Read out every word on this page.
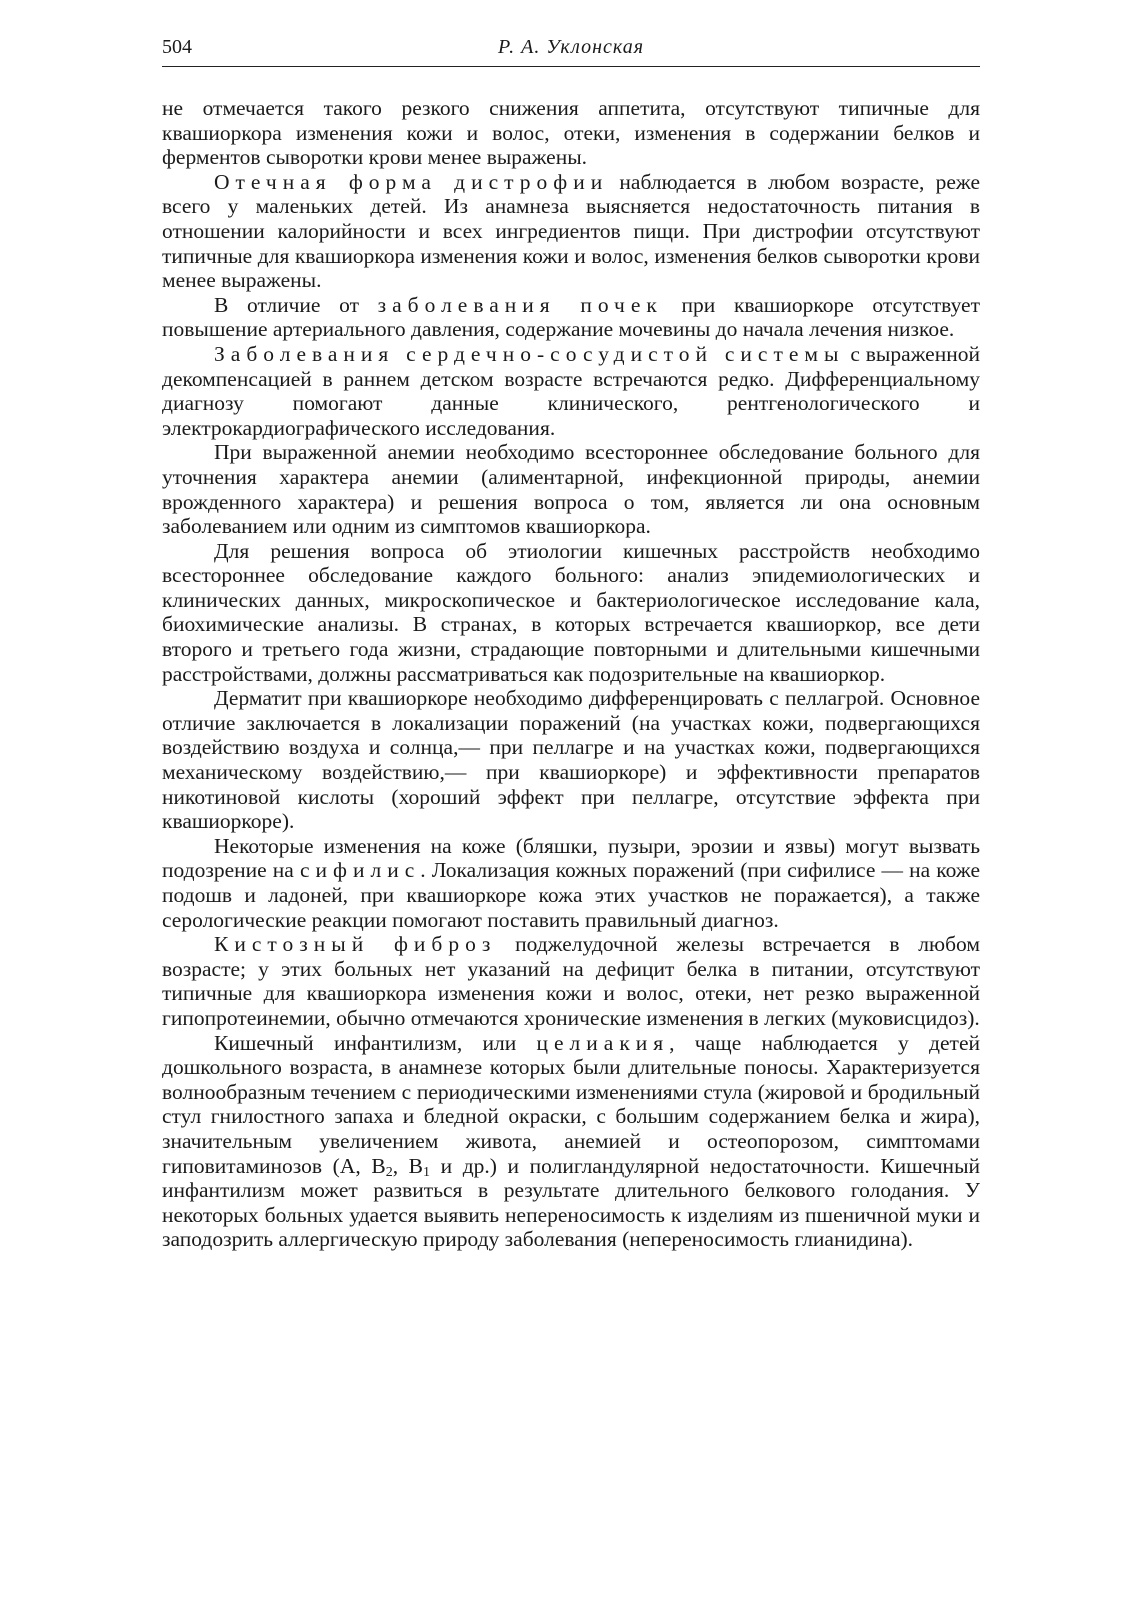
504	Р. А. Уклонская

не отмечается такого резкого снижения аппетита, отсутствуют типичные для квашиоркора изменения кожи и волос, отеки, изменения в содержании белков и ферментов сыворотки крови менее выражены.

Отечная форма дистрофии наблюдается в любом возрасте, реже всего у маленьких детей. Из анамнеза выясняется недостаточность питания в отношении калорийности и всех ингредиентов пищи. При дистрофии отсутствуют типичные для квашиоркора изменения кожи и волос, изменения белков сыворотки крови менее выражены.

В отличие от заболевания почек при квашиоркоре отсутствует повышение артериального давления, содержание мочевины до начала лечения низкое.

Заболевания сердечно-сосудистой системы с выраженной декомпенсацией в раннем детском возрасте встречаются редко. Дифференциальному диагнозу помогают данные клинического, рентгенологического и электрокардиографического исследования.

При выраженной анемии необходимо всестороннее обследование больного для уточнения характера анемии (алиментарной, инфекционной природы, анемии врожденного характера) и решения вопроса о том, является ли она основным заболеванием или одним из симптомов квашиоркора.

Для решения вопроса об этиологии кишечных расстройств необходимо всестороннее обследование каждого больного: анализ эпидемиологических и клинических данных, микроскопическое и бактериологическое исследование кала, биохимические анализы. В странах, в которых встречается квашиоркор, все дети второго и третьего года жизни, страдающие повторными и длительными кишечными расстройствами, должны рассматриваться как подозрительные на квашиоркор.

Дерматит при квашиоркоре необходимо дифференцировать с пеллагрой. Основное отличие заключается в локализации поражений (на участках кожи, подвергающихся воздействию воздуха и солнца,— при пеллагре и на участках кожи, подвергающихся механическому воздействию,— при квашиоркоре) и эффективности препаратов никотиновой кислоты (хороший эффект при пеллагре, отсутствие эффекта при квашиоркоре).

Некоторые изменения на коже (бляшки, пузыри, эрозии и язвы) могут вызвать подозрение на сифилис. Локализация кожных поражений (при сифилисе — на коже подошв и ладоней, при квашиоркоре кожа этих участков не поражается), а также серологические реакции помогают поставить правильный диагноз.

Кистозный фиброз поджелудочной железы встречается в любом возрасте; у этих больных нет указаний на дефицит белка в питании, отсутствуют типичные для квашиоркора изменения кожи и волос, отеки, нет резко выраженной гипопротеинемии, обычно отмечаются хронические изменения в легких (муковисцидоз).

Кишечный инфантилизм, или целиакия, чаще наблюдается у детей дошкольного возраста, в анамнезе которых были длительные поносы. Характеризуется волнообразным течением с периодическими изменениями стула (жировой и бродильный стул гнилостного запаха и бледной окраски, с большим содержанием белка и жира), значительным увеличением живота, анемией и остеопорозом, симптомами гиповитаминозов (А, $В_2$, $В_1$ и др.) и полигландулярной недостаточности. Кишечный инфантилизм может развиться в результате длительного белкового голодания. У некоторых больных удается выявить непереносимость к изделиям из пшеничной муки и заподозрить аллергическую природу заболевания (непереносимость глианидина).
